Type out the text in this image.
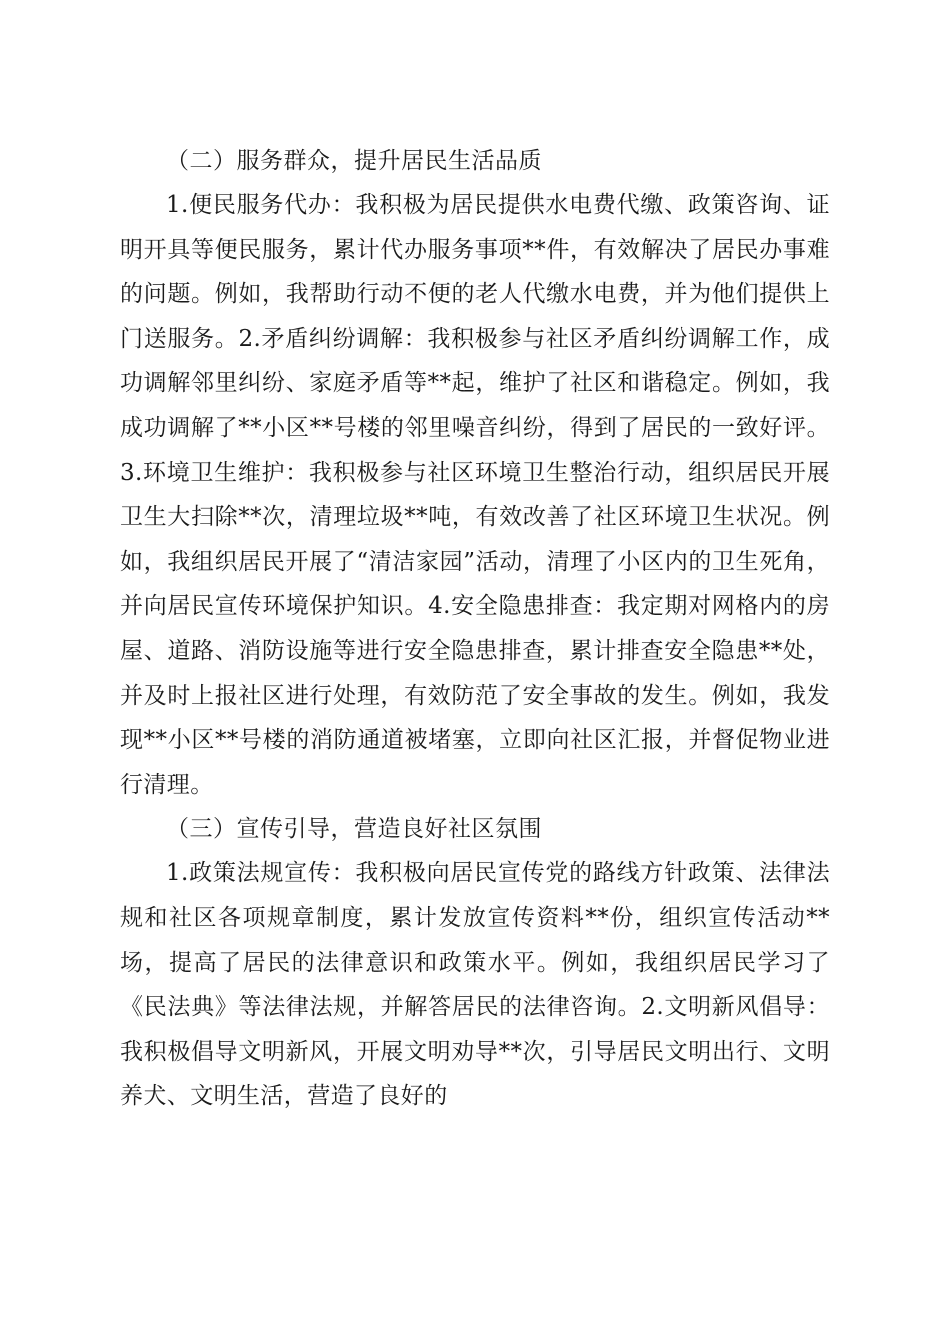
（二）服务群众，提升居民生活品质

1.便民服务代办：我积极为居民提供水电费代缴、政策咨询、证明开具等便民服务，累计代办服务事项**件，有效解决了居民办事难的问题。例如，我帮助行动不便的老人代缴水电费，并为他们提供上门送服务。2.矛盾纠纷调解：我积极参与社区矛盾纠纷调解工作，成功调解邻里纠纷、家庭矛盾等**起，维护了社区和谐稳定。例如，我成功调解了**小区**号楼的邻里噪音纠纷，得到了居民的一致好评。3.环境卫生维护：我积极参与社区环境卫生整治行动，组织居民开展卫生大扫除**次，清理垃圾**吨，有效改善了社区环境卫生状况。例如，我组织居民开展了“清洁家园”活动，清理了小区内的卫生死角，并向居民宣传环境保护知识。4.安全隐患排查：我定期对网格内的房屋、道路、消防设施等进行安全隐患排查，累计排查安全隐患**处，并及时上报社区进行处理，有效防范了安全事故的发生。例如，我发现**小区**号楼的消防通道被堵塞，立即向社区汇报，并督促物业进行清理。

（三）宣传引导，营造良好社区氛围

1.政策法规宣传：我积极向居民宣传党的路线方针政策、法律法规和社区各项规章制度，累计发放宣传资料**份，组织宣传活动**场，提高了居民的法律意识和政策水平。例如，我组织居民学习了《民法典》等法律法规，并解答居民的法律咨询。2.文明新风倡导：我积极倡导文明新风，开展文明劝导**次，引导居民文明出行、文明养犬、文明生活，营造了良好的
